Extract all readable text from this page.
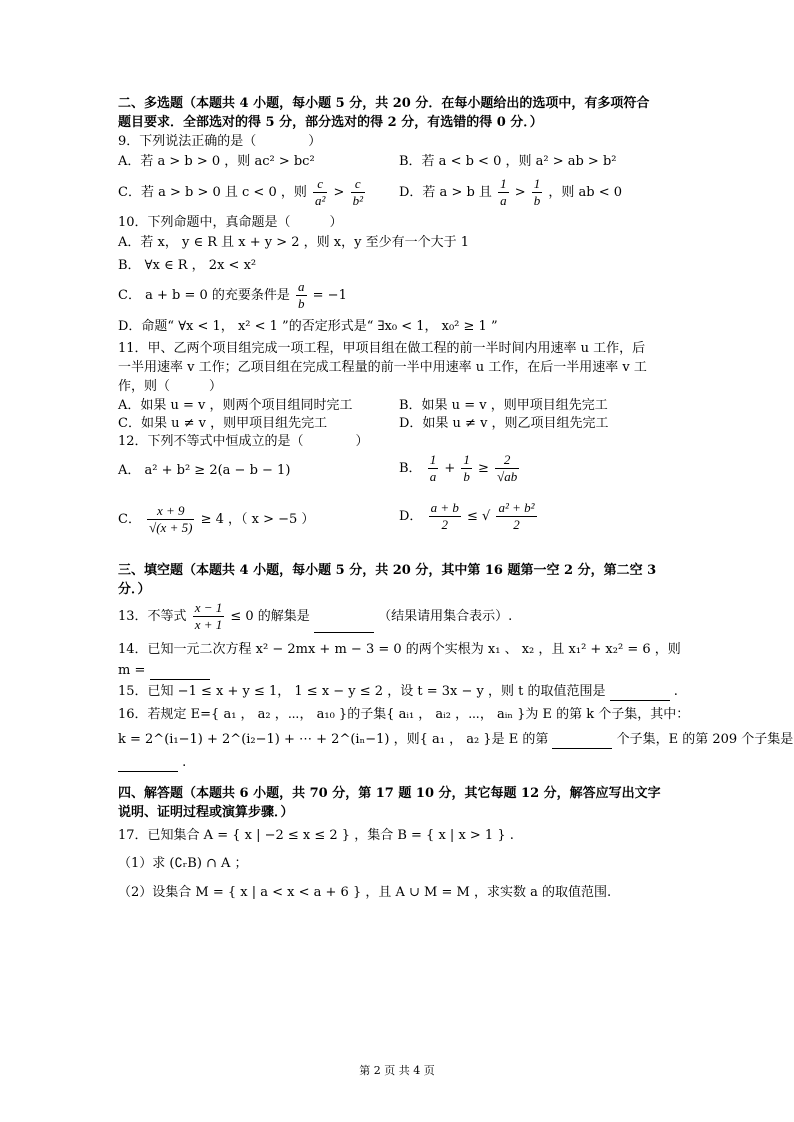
二、多选题（本题共 4 小题，每小题 5 分，共 20 分．在每小题给出的选项中，有多项符合
题目要求．全部选对的得 5 分，部分选对的得 2 分，有选错的得 0 分．）
9．下列说法正确的是（　　　　）
A．若 a > b > 0 ，则 ac² > bc²	B．若 a < b < 0 ，则 a² > ab > b²
C．若 a > b > 0 且 c < 0 ，则 $\frac{c}{\text{a²}} > \frac{c}{\text{b²}}$	D．若 a > b 且 $\frac{1}{a} > \frac{1}{b}$ ，则 ab < 0
10．下列命题中，真命题是（　　　）
A．若 x， y ∈ R 且 x + y > 2 ，则 x，y 至少有一个大于 1
B． ∀x ∈ R ， 2x < x²
C． a + b = 0 的充要条件是 $\frac{a}{b} = -1$
D．命题“ ∀x < 1， x² < 1 ”的否定形式是“ ∃x₀ < 1， x₀² ≥ 1 ”
11．甲、乙两个项目组完成一项工程，甲项目组在做工程的前一半时间内用速率 u 工作，后
一半用速率 v 工作；乙项目组在完成工程量的前一半中用速率 u 工作，在后一半用速率 v 工
作，则（　　　）
A．如果 u = v ，则两个项目组同时完工	B．如果 u = v ，则甲项目组先完工
C．如果 u ≠ v ，则甲项目组先完工	D．如果 u ≠ v ，则乙项目组先完工
12．下列不等式中恒成立的是（　　　　）
A． a² + b² ≥ 2(a − b − 1)	B． $\frac{1}{a} + \frac{1}{b} \ge \frac{2}{√ab}$
C． $\frac{x + 9}{√(x + 5)} \ge 4$ ，（ x > −5 ）	D． $\frac{a + b}{2}$ ≤ √ $\frac{\text{a² + b²}}{2}$
三、填空题（本题共 4 小题，每小题 5 分，共 20 分，其中第 16 题第一空 2 分，第二空 3
分．）
13．不等式 $\frac{x - 1}{x + 1} \le 0$ 的解集是	（结果请用集合表示）.
14．已知一元二次方程 x² − 2mx + m − 3 = 0 的两个实根为 x₁ 、 x₂ ，且 x₁² + x₂² = 6 ，则
m =
15．已知 −1 ≤ x + y ≤ 1， 1 ≤ x − y ≤ 2 ，设 t = 3x − y ，则 t 的取值范围是	.
16．若规定 E={ a₁ ， a₂ ，⋯， a₁₀ }的子集{ aᵢ₁ ， aᵢ₂ ，⋯， aᵢₙ }为 E 的第 k 个子集，其中：
k = 2^(i₁−1) + 2^(i₂−1) + ⋯ + 2^(iₙ−1) ，则{ a₁ ， a₂ }是 E 的第	个子集，E 的第 209 个子集是
.
四、解答题（本题共 6 小题，共 70 分，第 17 题 10 分，其它每题 12 分，解答应写出文字
说明、证明过程或演算步骤．）
17．已知集合 A = { x | −2 ≤ x ≤ 2 } ，集合 B = { x | x > 1 } .
（1）求 (∁ᵣB) ∩ A ；
（2）设集合 M = { x | a < x < a + 6 } ，且 A ∪ M = M ，求实数 a 的取值范围.
第 2 页 共 4 页
